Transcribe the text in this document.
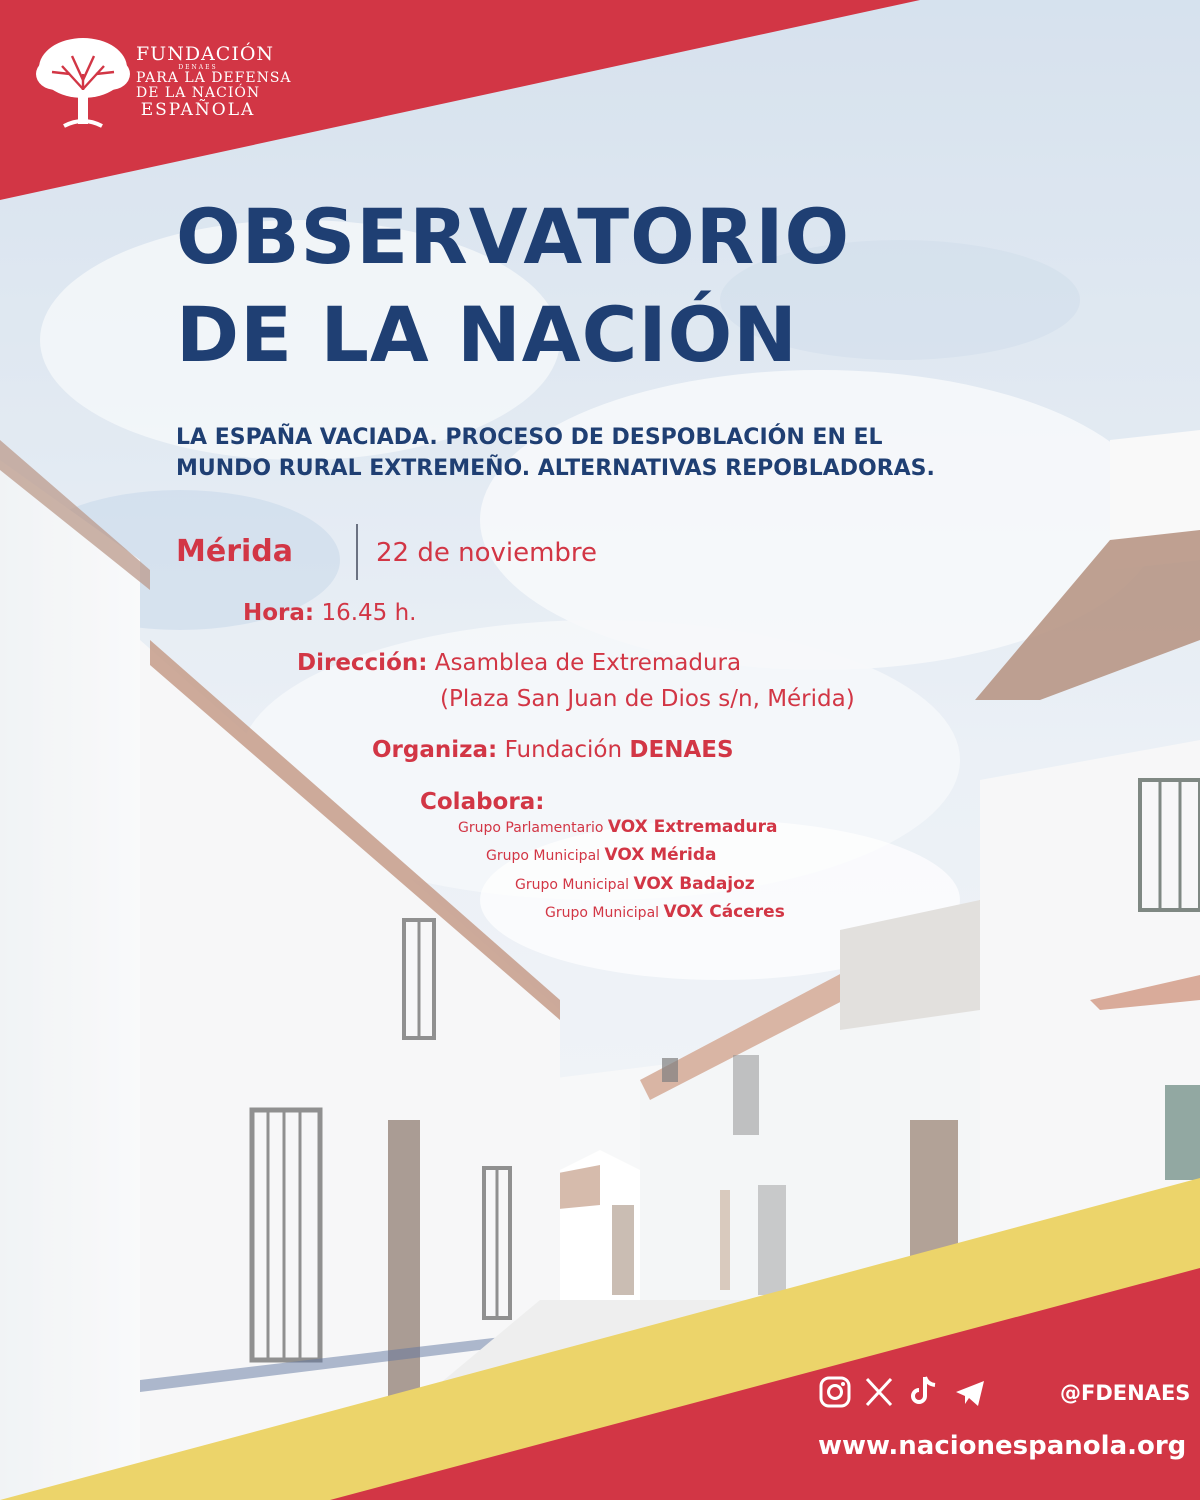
FUNDACIÓN
DENAES
PARA LA DEFENSA
DE LA NACIÓN
ESPAÑOLA
OBSERVATORIO
DE LA NACIÓN
LA ESPAÑA VACIADA. PROCESO DE DESPOBLACIÓN EN EL
MUNDO RURAL EXTREMEÑO. ALTERNATIVAS REPOBLADORAS.
Mérida	22 de noviembre
Hora: 16.45 h.
Dirección: Asamblea de Extremadura
(Plaza San Juan de Dios s/n, Mérida)
Organiza: Fundación DENAES
Colabora:
Grupo Parlamentario VOX Extremadura
Grupo Municipal VOX Mérida
Grupo Municipal VOX Badajoz
Grupo Municipal VOX Cáceres
@FDENAES
www.nacionespanola.org
